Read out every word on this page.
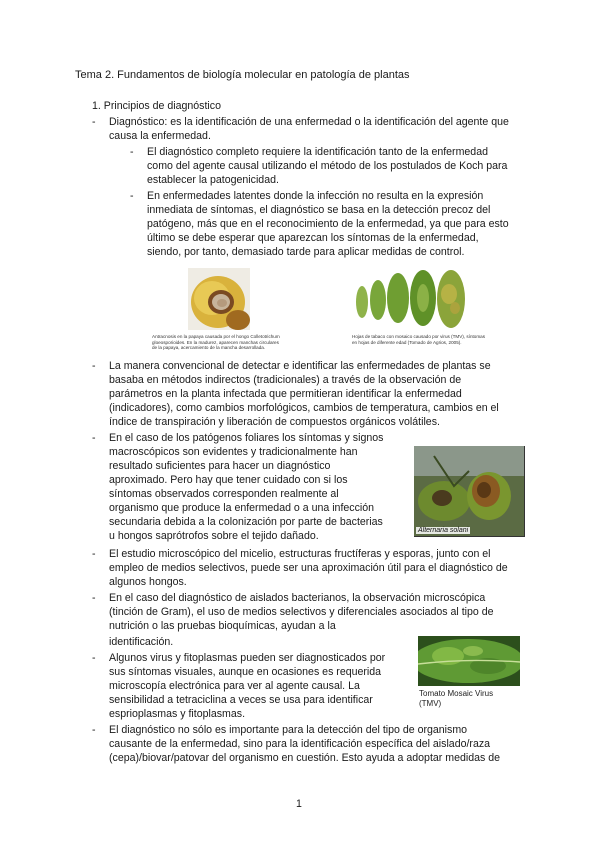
Tema 2. Fundamentos de biología molecular en patología de plantas
1. Principios de diagnóstico
- Diagnóstico: es la identificación de una enfermedad o la identificación del agente que
causa la enfermedad.
- El diagnóstico completo requiere la identificación tanto de la enfermedad
como del agente causal utilizando el método de los postulados de Koch para
establecer la patogenicidad.
- En enfermedades latentes donde la infección no resulta en la expresión
inmediata de síntomas, el diagnóstico se basa en la detección precoz del
patógeno, más que en el reconocimiento de la enfermedad, ya que para esto
último se debe esperar que aparezcan los síntomas de la enfermedad,
siendo, por tanto, demasiado tarde para aplicar medidas de control.
Antracnosis en la papaya causada por el hongo Colletotrichum
gloeosporioides. En la madurez, aparecen manchas circulares
de la papaya, acercamiento de la mancha desarrollada.
Hojas de tabaco con mosaico causado por virus (TMV), síntomas
en hojas de diferente edad (Tomado de Agrios, 2005).
- La manera convencional de detectar e identificar las enfermedades de plantas se
basaba en métodos indirectos (tradicionales) a través de la observación de
parámetros en la planta infectada que permitieran identificar la enfermedad
(indicadores), como cambios morfológicos, cambios de temperatura, cambios en el
índice de transpiración y liberación de compuestos orgánicos volátiles.
- En el caso de los patógenos foliares los síntomas y signos
macroscópicos son evidentes y tradicionalmente han
resultado suficientes para hacer un diagnóstico
aproximado. Pero hay que tener cuidado con si los
síntomas observados corresponden realmente al
organismo que produce la enfermedad o a una infección
secundaria debida a la colonización por parte de bacterias
u hongos saprótrofos sobre el tejido dañado.	Alternaria solani
- El estudio microscópico del micelio, estructuras fructíferas y esporas, junto con el
empleo de medios selectivos, puede ser una aproximación útil para el diagnóstico de
algunos hongos.
- En el caso del diagnóstico de aislados bacterianos, la observación microscópica
(tinción de Gram), el uso de medios selectivos y diferenciales asociados al tipo de
nutrición o las pruebas bioquímicas, ayudan a la
identificación.
Tomato Mosaic Virus
(TMV)
- Algunos virus y fitoplasmas pueden ser diagnosticados por
sus síntomas visuales, aunque en ocasiones es requerida
microscopía electrónica para ver al agente causal. La
sensibilidad a tetraciclina a veces se usa para identificar
esprioplasmas y fitoplasmas.
- El diagnóstico no sólo es importante para la detección del tipo de organismo
causante de la enfermedad, sino para la identificación específica del aislado/raza
(cepa)/biovar/patovar del organismo en cuestión. Esto ayuda a adoptar medidas de
1
